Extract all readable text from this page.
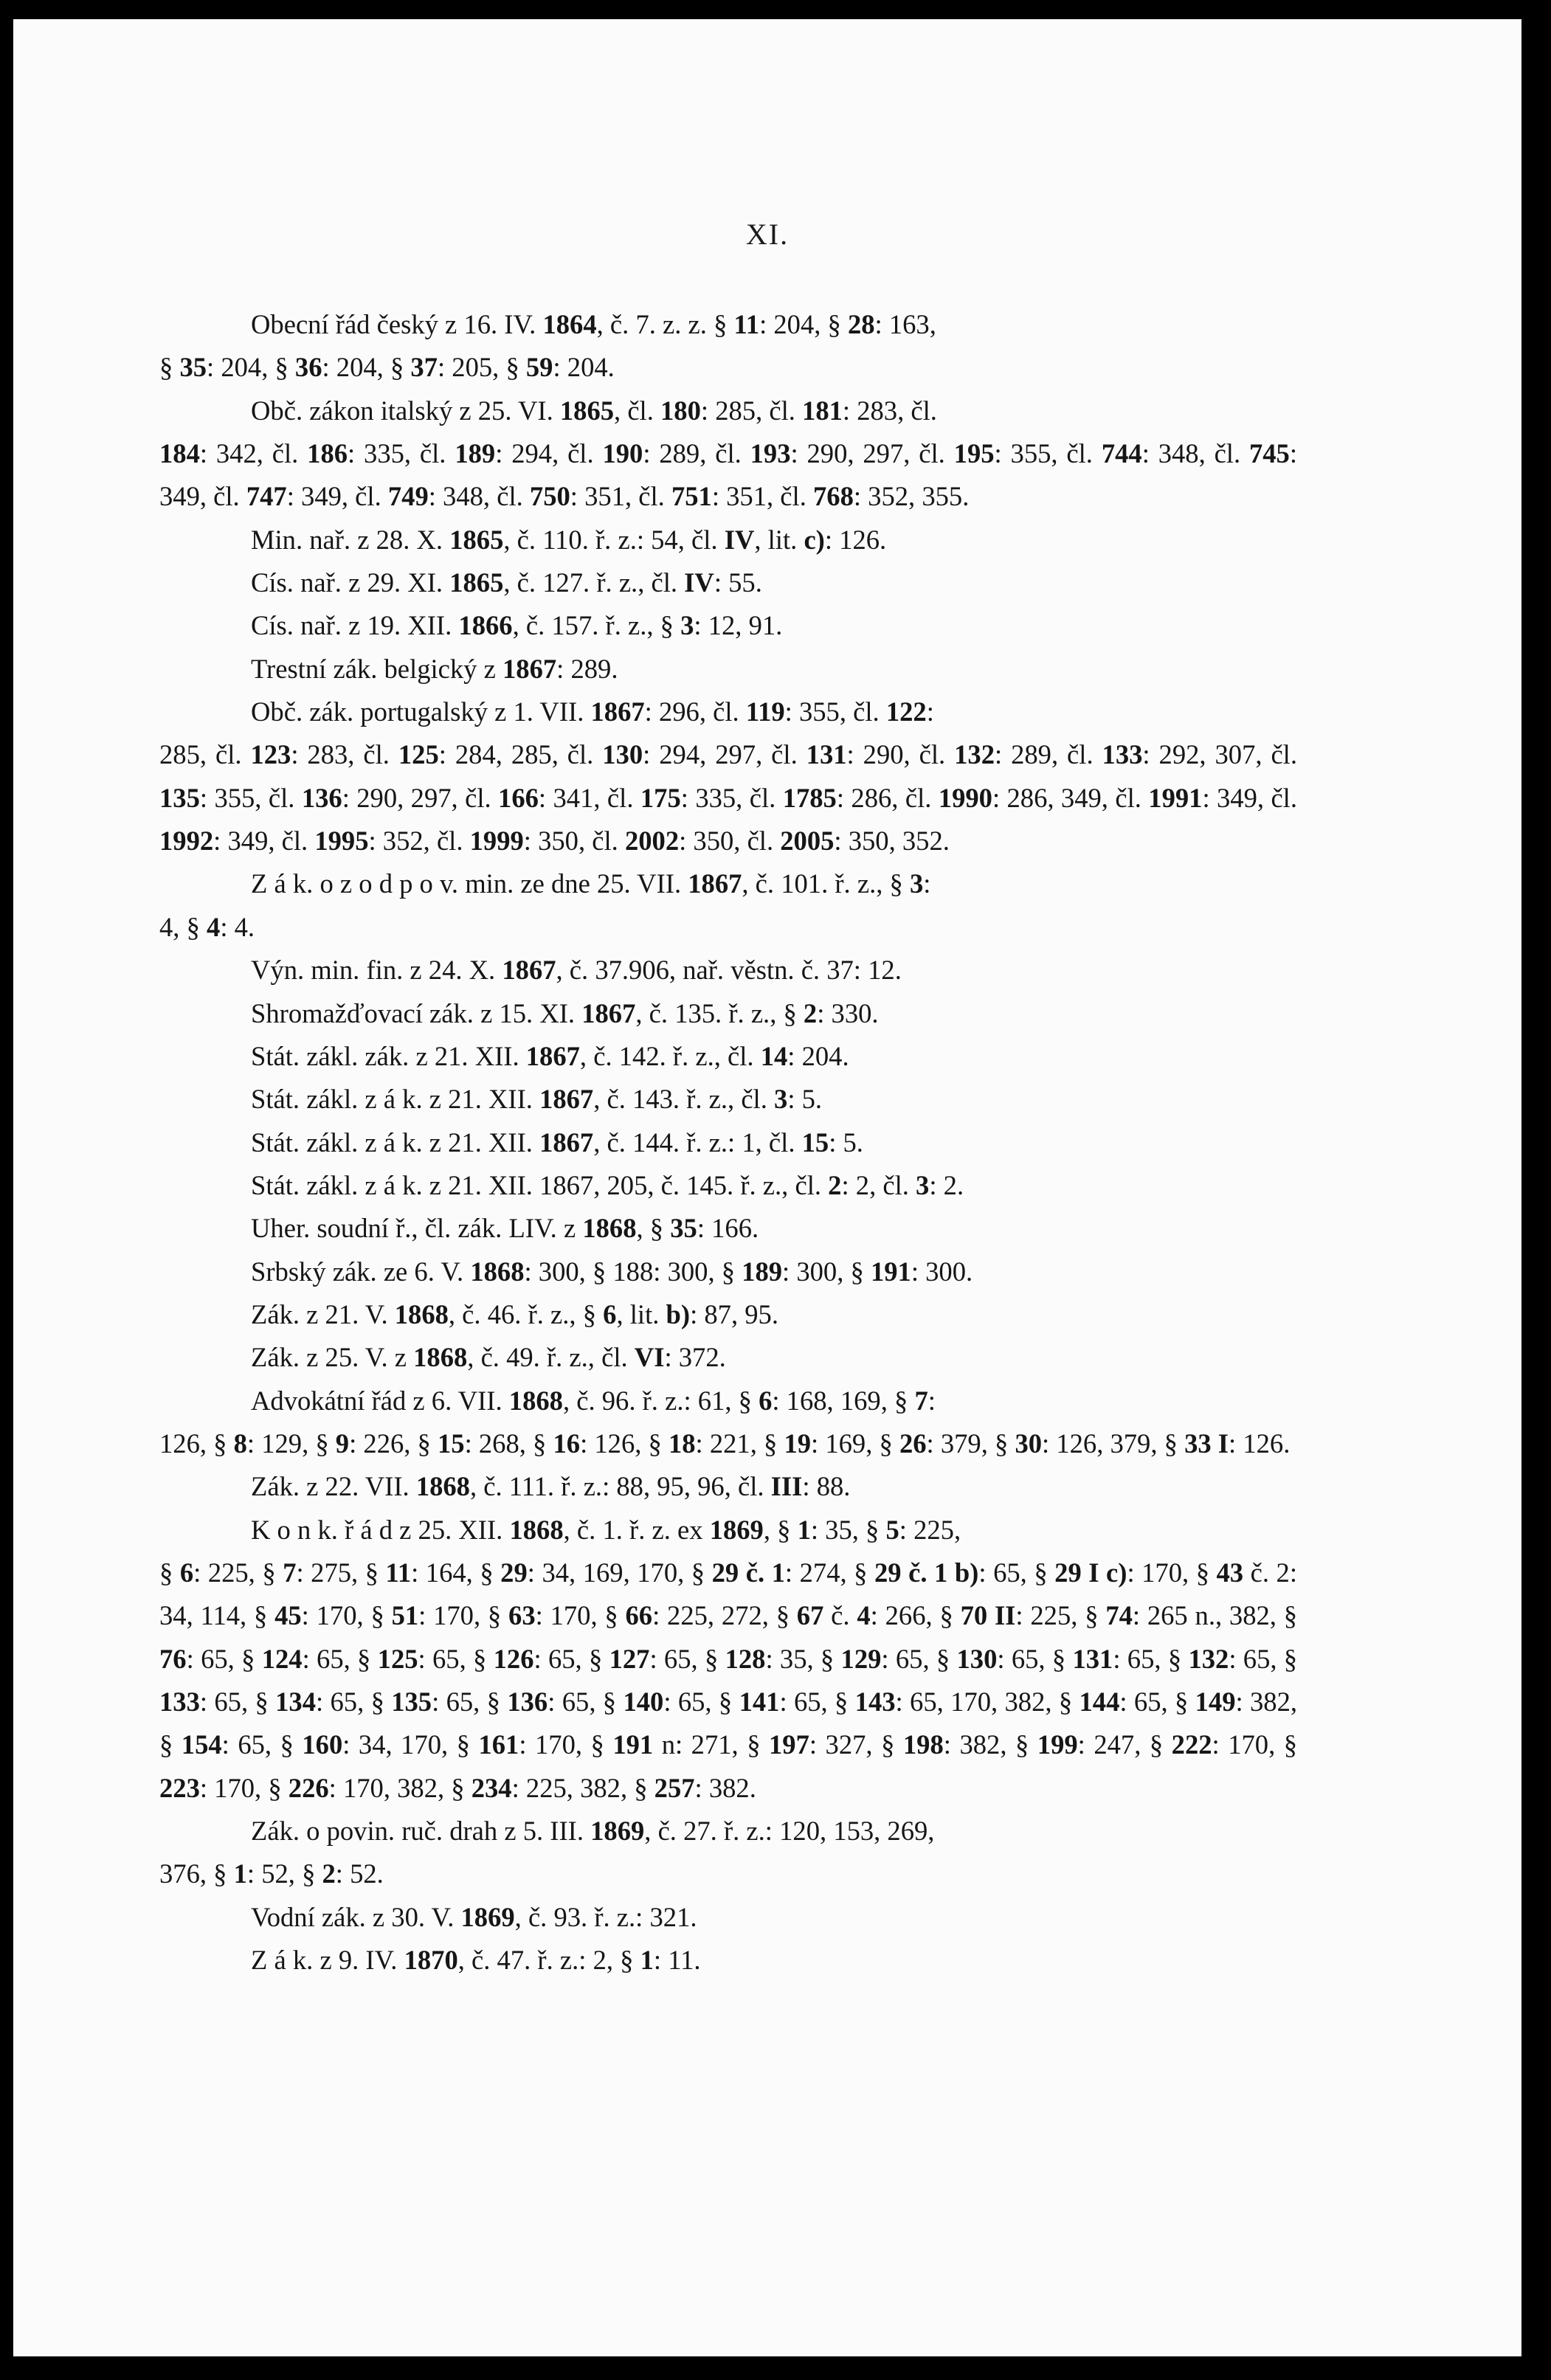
XI.
Obecní řád český z 16. IV. 1864, č. 7. z. z. § 11: 204, § 28: 163,
§ 35: 204, § 36: 204, § 37: 205, § 59: 204.
Obč. zákon italský z 25. VI. 1865, čl. 180: 285, čl. 181: 283, čl.
184: 342, čl. 186: 335, čl. 189: 294, čl. 190: 289, čl. 193: 290, 297, čl. 195: 355, čl. 744: 348, čl. 745: 349, čl. 747: 349, čl. 749: 348, čl. 750: 351, čl. 751: 351, čl. 768: 352, 355.
Min. nař. z 28. X. 1865, č. 110. ř. z.: 54, čl. IV, lit. c): 126.
Cís. nař. z 29. XI. 1865, č. 127. ř. z., čl. IV: 55.
Cís. nař. z 19. XII. 1866, č. 157. ř. z., § 3: 12, 91.
Trestní zák. belgický z 1867: 289.
Obč. zák. portugalský z 1. VII. 1867: 296, čl. 119: 355, čl. 122:
285, čl. 123: 283, čl. 125: 284, 285, čl. 130: 294, 297, čl. 131: 290, čl. 132: 289, čl. 133: 292, 307, čl. 135: 355, čl. 136: 290, 297, čl. 166: 341, čl. 175: 335, čl. 1785: 286, čl. 1990: 286, 349, čl. 1991: 349, čl. 1992: 349, čl. 1995: 352, čl. 1999: 350, čl. 2002: 350, čl. 2005: 350, 352.
Z á k. o z o d p o v. min. ze dne 25. VII. 1867, č. 101. ř. z., § 3:
4, § 4: 4.
Výn. min. fin. z 24. X. 1867, č. 37.906, nař. věstn. č. 37: 12.
Shromažďovací zák. z 15. XI. 1867, č. 135. ř. z., § 2: 330.
Stát. zákl. zák. z 21. XII. 1867, č. 142. ř. z., čl. 14: 204.
Stát. zákl. z á k. z 21. XII. 1867, č. 143. ř. z., čl. 3: 5.
Stát. zákl. z á k. z 21. XII. 1867, č. 144. ř. z.: 1, čl. 15: 5.
Stát. zákl. z á k. z 21. XII. 1867, 205, č. 145. ř. z., čl. 2: 2, čl. 3: 2.
Uher. soudní ř., čl. zák. LIV. z 1868, § 35: 166.
Srbský zák. ze 6. V. 1868: 300, § 188: 300, § 189: 300, § 191: 300.
Zák. z 21. V. 1868, č. 46. ř. z., § 6, lit. b): 87, 95.
Zák. z 25. V. z 1868, č. 49. ř. z., čl. VI: 372.
Advokátní řád z 6. VII. 1868, č. 96. ř. z.: 61, § 6: 168, 169, § 7:
126, § 8: 129, § 9: 226, § 15: 268, § 16: 126, § 18: 221, § 19: 169, § 26: 379, § 30: 126, 379, § 33 I: 126.
Zák. z 22. VII. 1868, č. 111. ř. z.: 88, 95, 96, čl. III: 88.
K o n k. ř á d z 25. XII. 1868, č. 1. ř. z. ex 1869, § 1: 35, § 5: 225,
§ 6: 225, § 7: 275, § 11: 164, § 29: 34, 169, 170, § 29 č. 1: 274, § 29 č. 1 b): 65, § 29 I c): 170, § 43 č. 2: 34, 114, § 45: 170, § 51: 170, § 63: 170, § 66: 225, 272, § 67 č. 4: 266, § 70 II: 225, § 74: 265 n., 382, § 76: 65, § 124: 65, § 125: 65, § 126: 65, § 127: 65, § 128: 35, § 129: 65, § 130: 65, § 131: 65, § 132: 65, § 133: 65, § 134: 65, § 135: 65, § 136: 65, § 140: 65, § 141: 65, § 143: 65, 170, 382, § 144: 65, § 149: 382, § 154: 65, § 160: 34, 170, § 161: 170, § 191 n: 271, § 197: 327, § 198: 382, § 199: 247, § 222: 170, § 223: 170, § 226: 170, 382, § 234: 225, 382, § 257: 382.
Zák. o povin. ruč. drah z 5. III. 1869, č. 27. ř. z.: 120, 153, 269,
376, § 1: 52, § 2: 52.
Vodní zák. z 30. V. 1869, č. 93. ř. z.: 321.
Z á k. z 9. IV. 1870, č. 47. ř. z.: 2, § 1: 11.
